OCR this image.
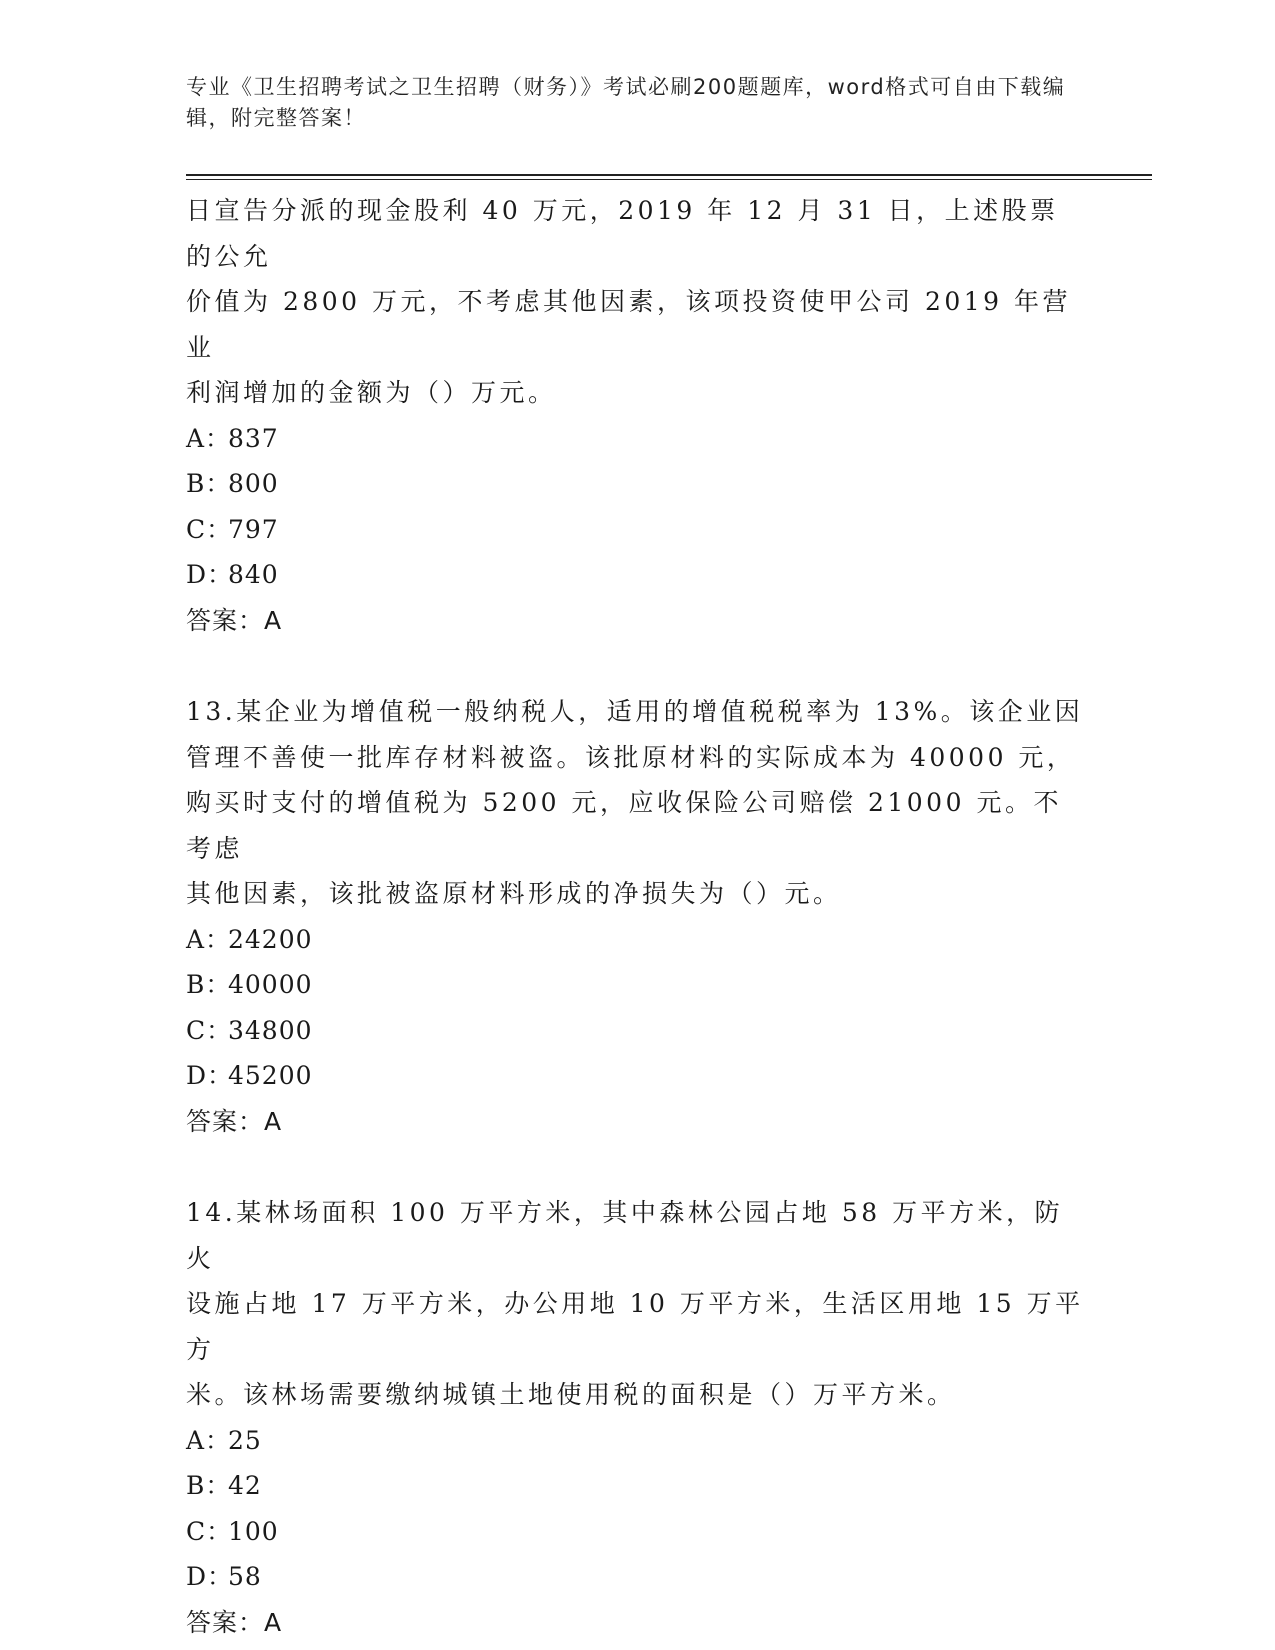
专业《卫生招聘考试之卫生招聘（财务）》考试必刷200题题库，word格式可自由下载编辑，附完整答案！

日宣告分派的现金股利 40 万元，2019 年 12 月 31 日，上述股票的公允

价值为 2800 万元，不考虑其他因素，该项投资使甲公司 2019 年营业

利润增加的金额为（）万元。

A：837

B：800

C：797

D：840

答案：A

13.某企业为增值税一般纳税人，适用的增值税税率为 13%。该企业因

管理不善使一批库存材料被盗。该批原材料的实际成本为 40000 元，

购买时支付的增值税为 5200 元，应收保险公司赔偿 21000 元。不考虑

其他因素，该批被盗原材料形成的净损失为（）元。

A：24200

B：40000

C：34800

D：45200

答案：A

14.某林场面积 100 万平方米，其中森林公园占地 58 万平方米，防火

设施占地 17 万平方米，办公用地 10 万平方米，生活区用地 15 万平方

米。该林场需要缴纳城镇土地使用税的面积是（）万平方米。

A：25

B：42

C：100

D：58

答案：A
